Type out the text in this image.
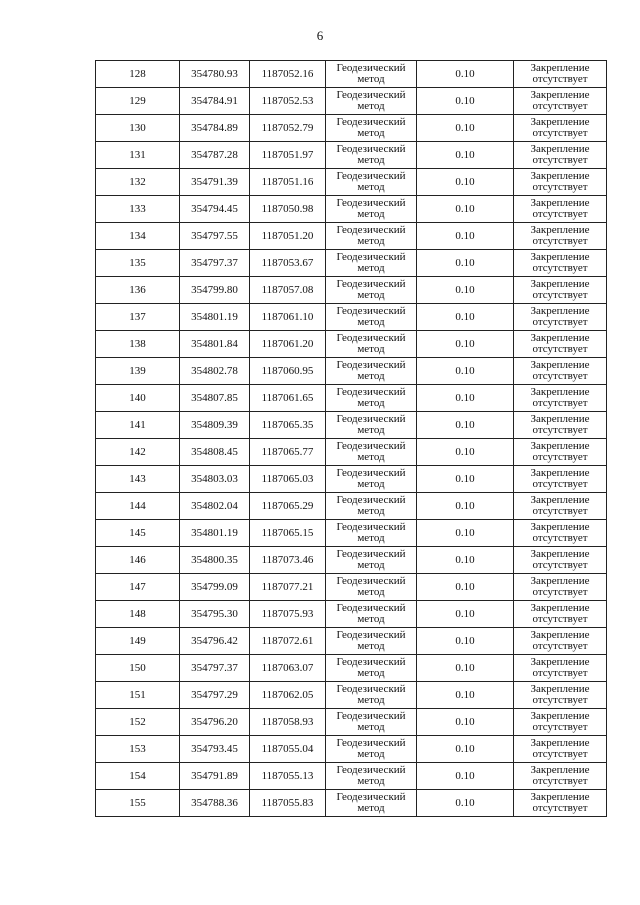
6
128	354780.93	1187052.16	Геодезический
метод	0.10	Закрепление
отсутствует

129	354784.91	1187052.53	Геодезический
метод	0.10	Закрепление
отсутствует

130	354784.89	1187052.79	Геодезический
метод	0.10	Закрепление
отсутствует

131	354787.28	1187051.97	Геодезический
метод	0.10	Закрепление
отсутствует

132	354791.39	1187051.16	Геодезический
метод	0.10	Закрепление
отсутствует

133	354794.45	1187050.98	Геодезический
метод	0.10	Закрепление
отсутствует

134	354797.55	1187051.20	Геодезический
метод	0.10	Закрепление
отсутствует

135	354797.37	1187053.67	Геодезический
метод	0.10	Закрепление
отсутствует

136	354799.80	1187057.08	Геодезический
метод	0.10	Закрепление
отсутствует

137	354801.19	1187061.10	Геодезический
метод	0.10	Закрепление
отсутствует

138	354801.84	1187061.20	Геодезический
метод	0.10	Закрепление
отсутствует

139	354802.78	1187060.95	Геодезический
метод	0.10	Закрепление
отсутствует

140	354807.85	1187061.65	Геодезический
метод	0.10	Закрепление
отсутствует

141	354809.39	1187065.35	Геодезический
метод	0.10	Закрепление
отсутствует

142	354808.45	1187065.77	Геодезический
метод	0.10	Закрепление
отсутствует

143	354803.03	1187065.03	Геодезический
метод	0.10	Закрепление
отсутствует

144	354802.04	1187065.29	Геодезический
метод	0.10	Закрепление
отсутствует

145	354801.19	1187065.15	Геодезический
метод	0.10	Закрепление
отсутствует

146	354800.35	1187073.46	Геодезический
метод	0.10	Закрепление
отсутствует

147	354799.09	1187077.21	Геодезический
метод	0.10	Закрепление
отсутствует

148	354795.30	1187075.93	Геодезический
метод	0.10	Закрепление
отсутствует

149	354796.42	1187072.61	Геодезический
метод	0.10	Закрепление
отсутствует

150	354797.37	1187063.07	Геодезический
метод	0.10	Закрепление
отсутствует

151	354797.29	1187062.05	Геодезический
метод	0.10	Закрепление
отсутствует

152	354796.20	1187058.93	Геодезический
метод	0.10	Закрепление
отсутствует

153	354793.45	1187055.04	Геодезический
метод	0.10	Закрепление
отсутствует

154	354791.89	1187055.13	Геодезический
метод	0.10	Закрепление
отсутствует

155	354788.36	1187055.83	Геодезический
метод	0.10	Закрепление
отсутствует
